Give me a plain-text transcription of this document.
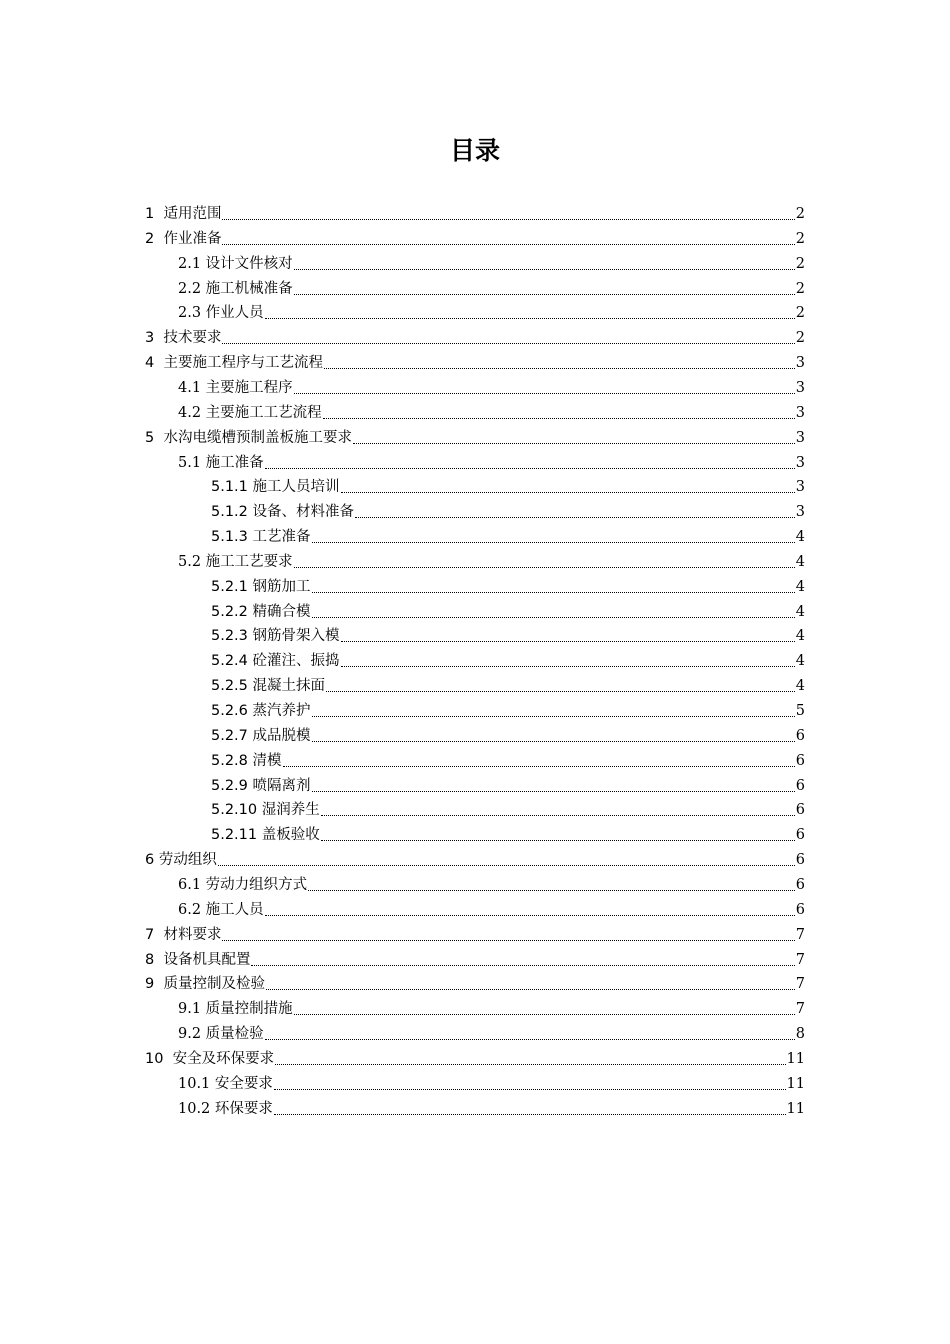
目录
1  适用范围	2
2  作业准备	2
2.1 设计文件核对	2
2.2 施工机械准备	2
2.3 作业人员	2
3  技术要求	2
4  主要施工程序与工艺流程	3
4.1 主要施工程序	3
4.2 主要施工工艺流程	3
5  水沟电缆槽预制盖板施工要求	3
5.1 施工准备	3
5.1.1 施工人员培训	3
5.1.2 设备、材料准备	3
5.1.3 工艺准备	4
5.2 施工工艺要求	4
5.2.1 钢筋加工	4
5.2.2 精确合模	4
5.2.3 钢筋骨架入模	4
5.2.4 砼灌注、振捣	4
5.2.5 混凝土抹面	4
5.2.6 蒸汽养护	5
5.2.7 成品脱模	6
5.2.8 清模	6
5.2.9 喷隔离剂	6
5.2.10 湿润养生	6
5.2.11 盖板验收	6
6 劳动组织	6
6.1 劳动力组织方式	6
6.2 施工人员	6
7  材料要求	7
8  设备机具配置	7
9  质量控制及检验	7
9.1 质量控制措施	7
9.2 质量检验	8
10  安全及环保要求	11
10.1 安全要求	11
10.2 环保要求	11
